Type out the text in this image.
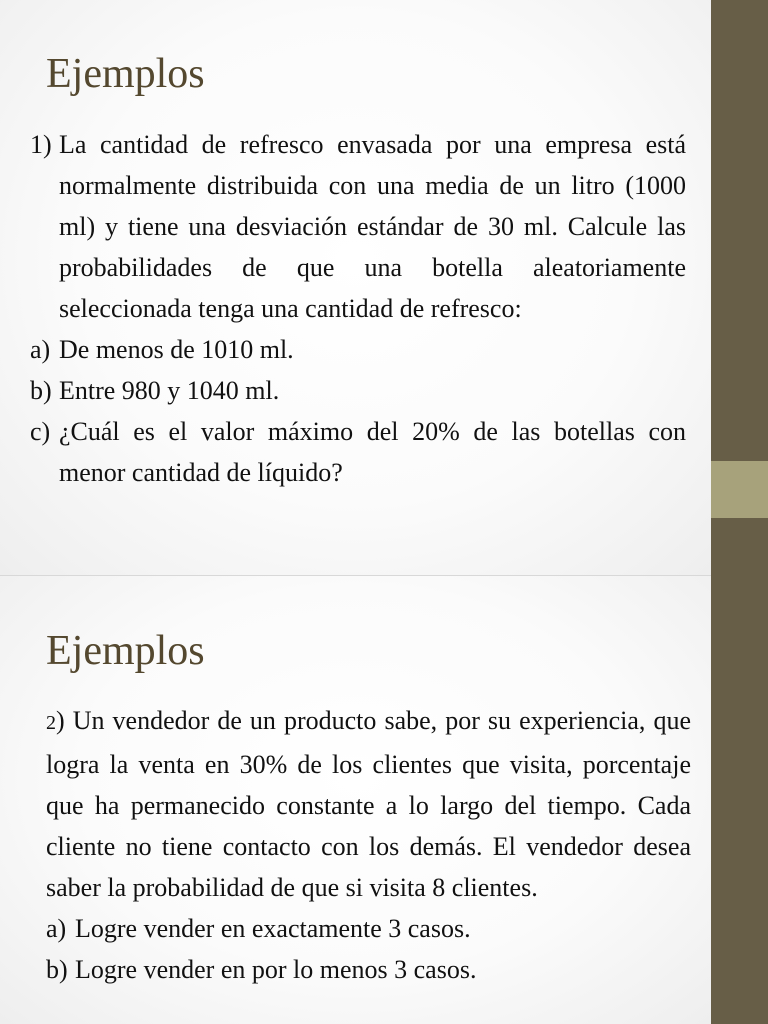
Ejemplos
1) La cantidad de refresco envasada por una empresa está normalmente distribuida con una media de un litro (1000 ml) y tiene una desviación estándar de 30 ml. Calcule las probabilidades de que una botella aleatoriamente seleccionada tenga una cantidad de refresco:
a) De menos de 1010 ml.
b) Entre 980 y 1040 ml.
c) ¿Cuál es el valor máximo del 20% de las botellas con menor cantidad de líquido?
Ejemplos
2) Un vendedor de un producto sabe, por su experiencia, que logra la venta en 30% de los clientes que visita, porcentaje que ha permanecido constante a lo largo del tiempo. Cada cliente no tiene contacto con los demás. El vendedor desea saber la probabilidad de que si visita 8 clientes.
a) Logre vender en exactamente 3 casos.
b) Logre vender en por lo menos 3 casos.
